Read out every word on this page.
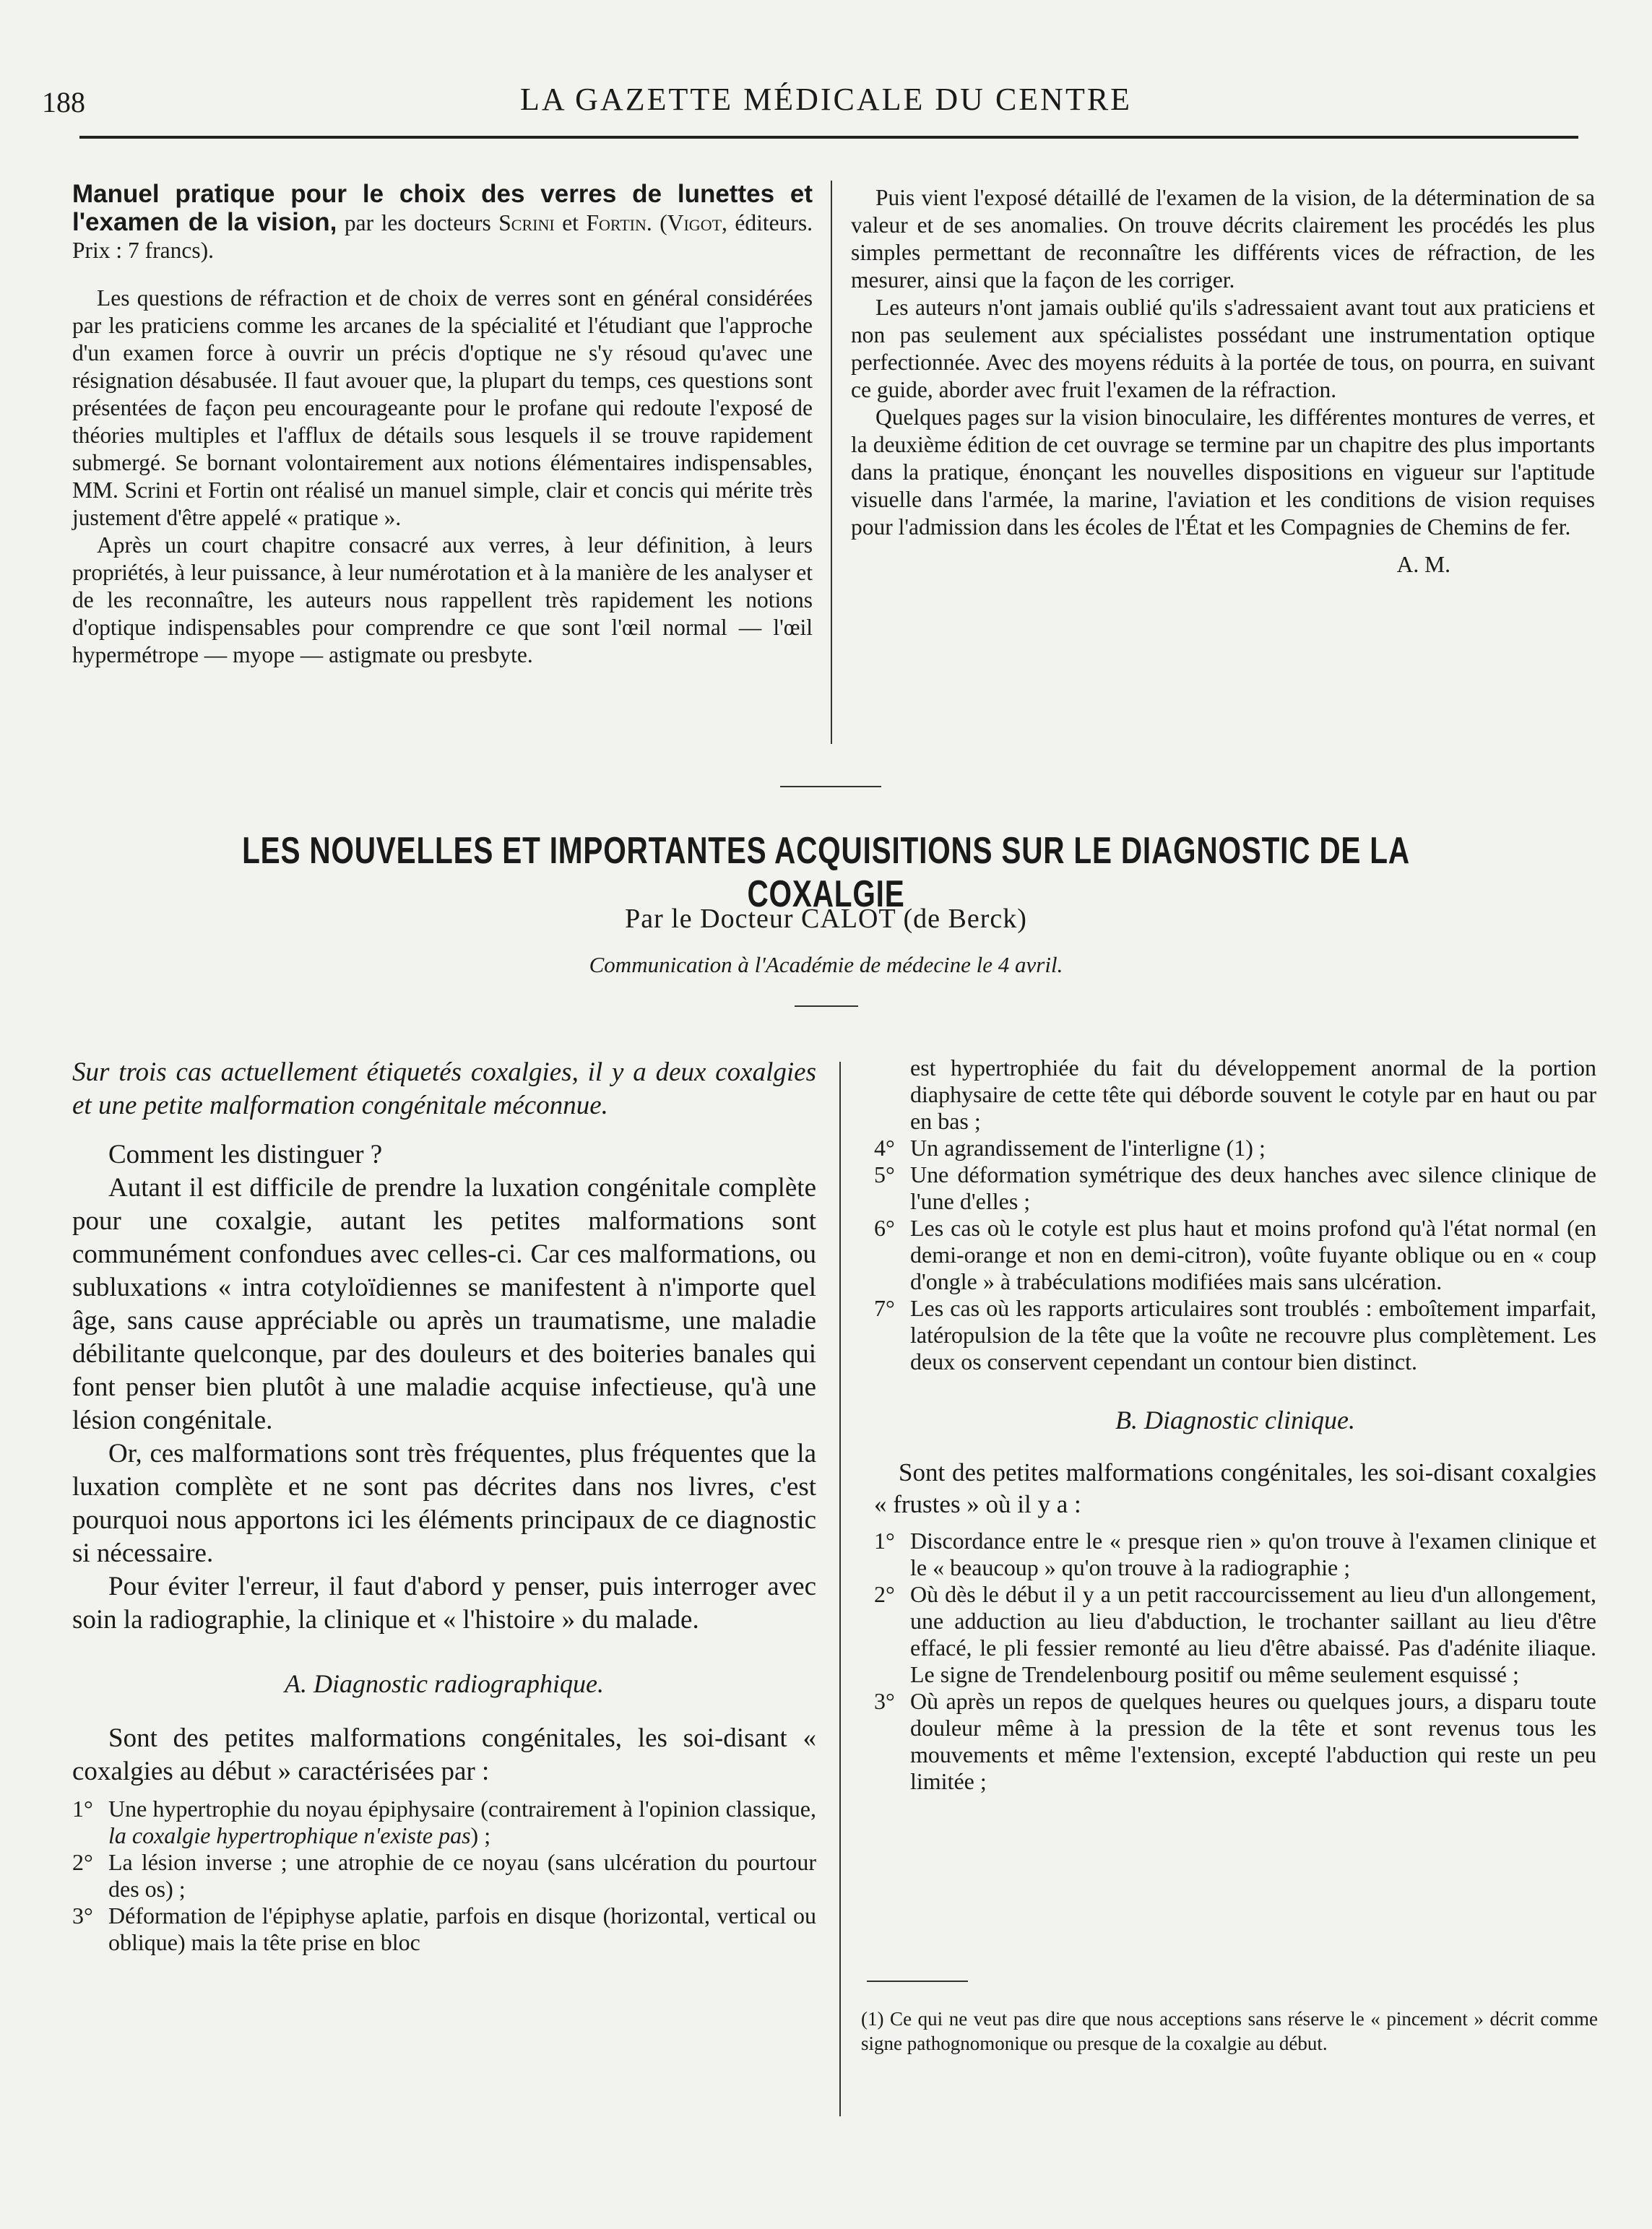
188	LA GAZETTE MÉDICALE DU CENTRE
Manuel pratique pour le choix des verres de lunettes et l'examen de la vision, par les docteurs Scrini et Fortin. (Vigot, éditeurs. Prix : 7 francs).

Les questions de réfraction et de choix de verres sont en général considérées par les praticiens comme les arcanes de la spécialité et l'étudiant que l'approche d'un examen force à ouvrir un précis d'optique ne s'y résoud qu'avec une résignation désabusée. Il faut avouer que, la plupart du temps, ces questions sont présentées de façon peu encourageante pour le profane qui redoute l'exposé de théories multiples et l'afflux de détails sous lesquels il se trouve rapidement submergé. Se bornant volontairement aux notions élémentaires indispensables, MM. Scrini et Fortin ont réalisé un manuel simple, clair et concis qui mérite très justement d'être appelé « pratique ».

Après un court chapitre consacré aux verres, à leur définition, à leurs propriétés, à leur puissance, à leur numérotation et à la manière de les analyser et de les reconnaître, les auteurs nous rappellent très rapidement les notions d'optique indispensables pour comprendre ce que sont l'œil normal — l'œil hypermétrope — myope — astigmate ou presbyte.

Puis vient l'exposé détaillé de l'examen de la vision, de la détermination de sa valeur et de ses anomalies. On trouve décrits clairement les procédés les plus simples permettant de reconnaître les différents vices de réfraction, de les mesurer, ainsi que la façon de les corriger.

Les auteurs n'ont jamais oublié qu'ils s'adressaient avant tout aux praticiens et non pas seulement aux spécialistes possédant une instrumentation optique perfectionnée. Avec des moyens réduits à la portée de tous, on pourra, en suivant ce guide, aborder avec fruit l'examen de la réfraction.

Quelques pages sur la vision binoculaire, les différentes montures de verres, et la deuxième édition de cet ouvrage se termine par un chapitre des plus importants dans la pratique, énonçant les nouvelles dispositions en vigueur sur l'aptitude visuelle dans l'armée, la marine, l'aviation et les conditions de vision requises pour l'admission dans les écoles de l'État et les Compagnies de Chemins de fer.

A. M.
LES NOUVELLES ET IMPORTANTES ACQUISITIONS SUR LE DIAGNOSTIC DE LA COXALGIE
Par le Docteur CALOT (de Berck)
Communication à l'Académie de médecine le 4 avril.

Sur trois cas actuellement étiquetés coxalgies, il y a deux coxalgies et une petite malformation congénitale méconnue.

Comment les distinguer ?

Autant il est difficile de prendre la luxation congénitale complète pour une coxalgie, autant les petites malformations sont communément confondues avec celles-ci. Car ces malformations, ou subluxations « intra cotyloïdiennes se manifestent à n'importe quel âge, sans cause appréciable ou après un traumatisme, une maladie débilitante quelconque, par des douleurs et des boiteries banales qui font penser bien plutôt à une maladie acquise infectieuse, qu'à une lésion congénitale.

Or, ces malformations sont très fréquentes, plus fréquentes que la luxation complète et ne sont pas décrites dans nos livres, c'est pourquoi nous apportons ici les éléments principaux de ce diagnostic si nécessaire.

Pour éviter l'erreur, il faut d'abord y penser, puis interroger avec soin la radiographie, la clinique et « l'histoire » du malade.

A. Diagnostic radiographique.

Sont des petites malformations congénitales, les soi-disant « coxalgies au début » caractérisées par :

1° Une hypertrophie du noyau épiphysaire (contrairement à l'opinion classique, la coxalgie hypertrophique n'existe pas) ;
2° La lésion inverse ; une atrophie de ce noyau (sans ulcération du pourtour des os) ;
3° Déformation de l'épiphyse aplatie, parfois en disque (horizontal, vertical ou oblique) mais la tête prise en bloc
est hypertrophiée du fait du développement anormal de la portion diaphysaire de cette tête qui déborde souvent le cotyle par en haut ou par en bas ;
4° Un agrandissement de l'interligne (1) ;
5° Une déformation symétrique des deux hanches avec silence clinique de l'une d'elles ;
6° Les cas où le cotyle est plus haut et moins profond qu'à l'état normal (en demi-orange et non en demi-citron), voûte fuyante oblique ou en « coup d'ongle » à trabéculations modifiées mais sans ulcération.
7° Les cas où les rapports articulaires sont troublés : emboîtement imparfait, latéropulsion de la tête que la voûte ne recouvre plus complètement. Les deux os conservent cependant un contour bien distinct.
B. Diagnostic clinique.

Sont des petites malformations congénitales, les soi-disant coxalgies « frustes » où il y a :

1° Discordance entre le « presque rien » qu'on trouve à l'examen clinique et le « beaucoup » qu'on trouve à la radiographie ;
2° Où dès le début il y a un petit raccourcissement au lieu d'un allongement, une adduction au lieu d'abduction, le trochanter saillant au lieu d'être effacé, le pli fessier remonté au lieu d'être abaissé. Pas d'adénite iliaque. Le signe de Trendelenbourg positif ou même seulement esquissé ;
3° Où après un repos de quelques heures ou quelques jours, a disparu toute douleur même à la pression de la tête et sont revenus tous les mouvements et même l'extension, excepté l'abduction qui reste un peu limitée ;
(1) Ce qui ne veut pas dire que nous acceptions sans réserve le « pincement » décrit comme signe pathognomonique ou presque de la coxalgie au début.
